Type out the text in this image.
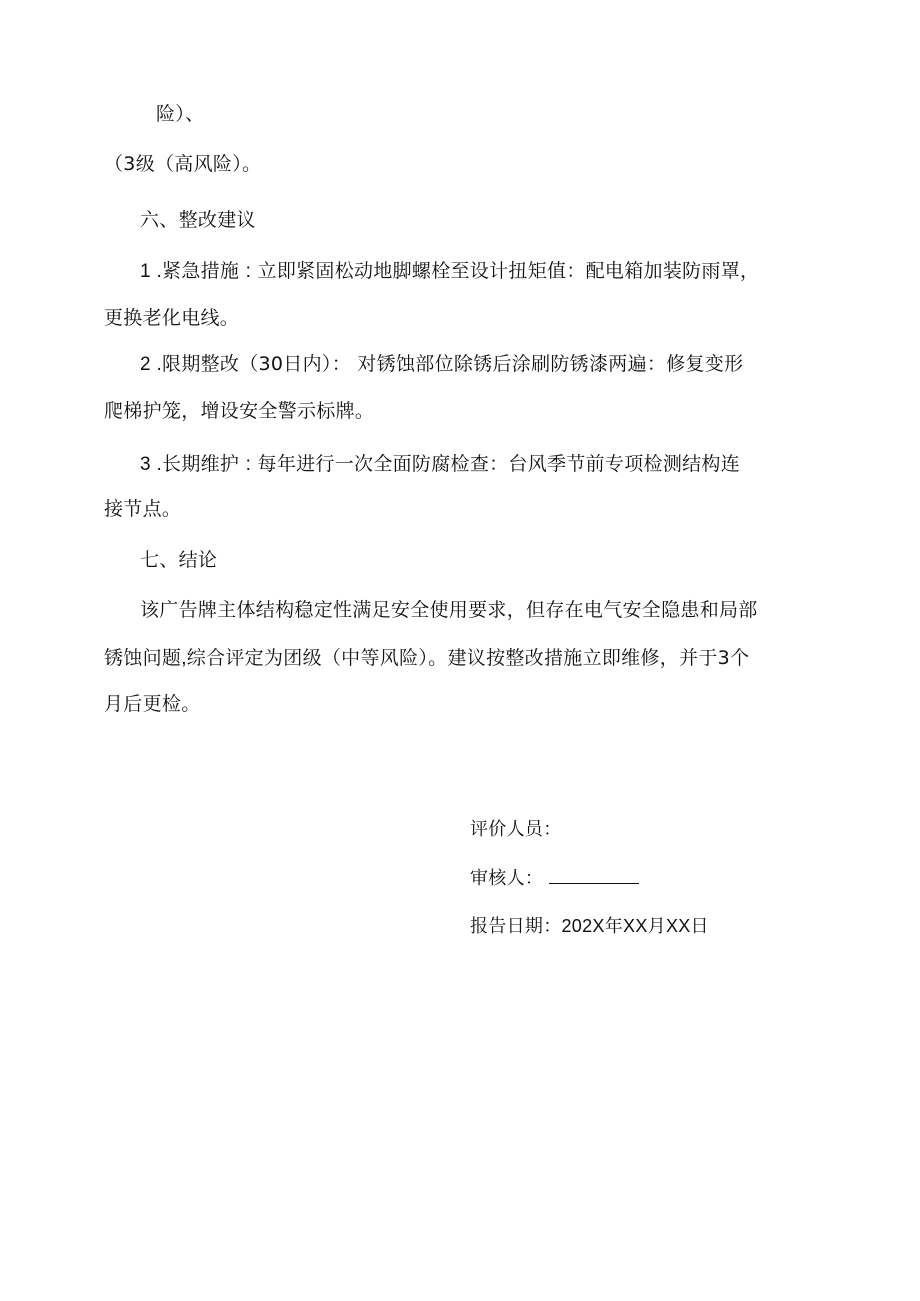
险）、
（3级（高风险）。
六、整改建议
1 .紧急措施 : 立即紧固松动地脚螺栓至设计扭矩值：配电箱加装防雨罩，
更换老化电线。
2 .限期整改（30日内）： 对锈蚀部位除锈后涂刷防锈漆两遍：修复变形
爬梯护笼，增设安全警示标牌。
3 .长期维护 : 每年进行一次全面防腐检查：台风季节前专项检测结构连
接节点。
七、结论
该广告牌主体结构稳定性满足安全使用要求，但存在电气安全隐患和局部
锈蚀问题,综合评定为团级（中等风险）。建议按整改措施立即维修，并于3个
月后更检。
评价人员：
审核人：
报告日期：202X年XX月XX日
